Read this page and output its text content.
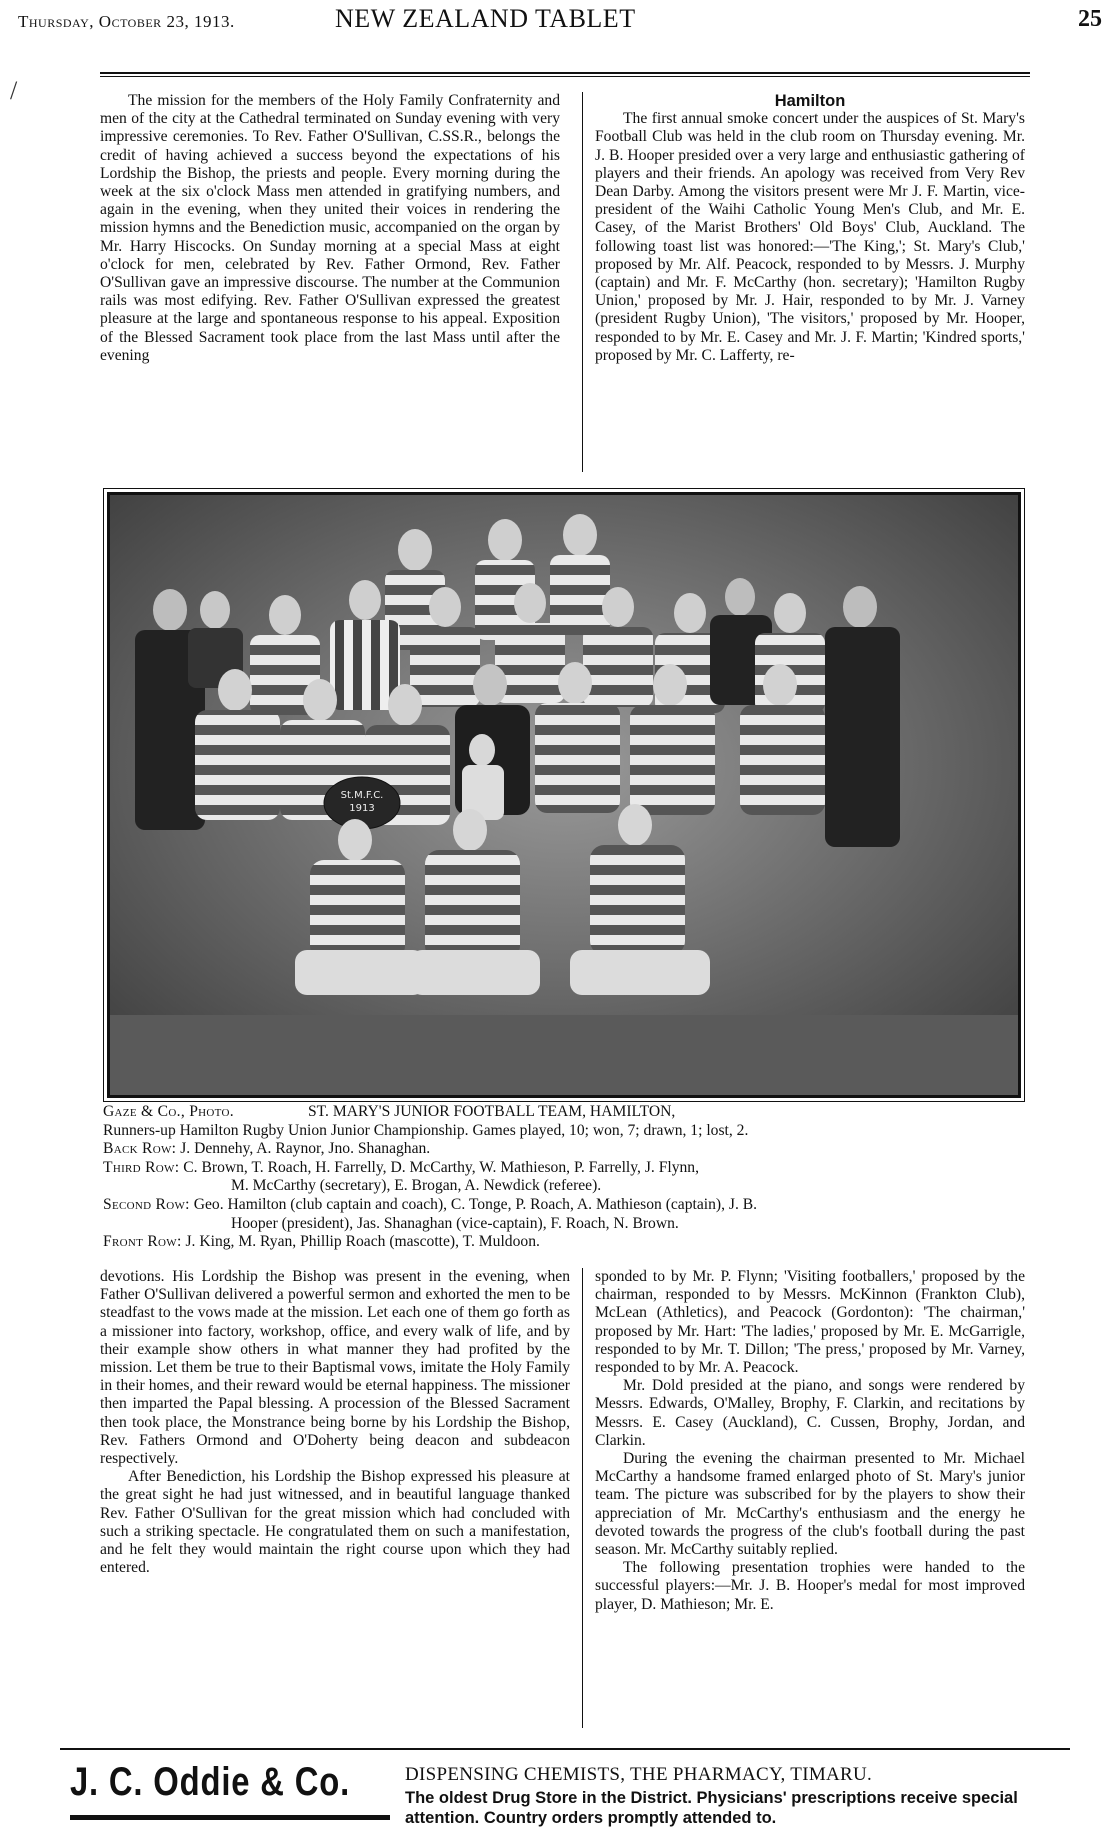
/
Thursday, October 23, 1913.	NEW ZEALAND TABLET	25

The mission for the members of the Holy Family Confraternity and men of the city at the Cathedral terminated on Sunday evening with very impressive ceremonies. To Rev. Father O'Sullivan, C.SS.R., belongs the credit of having achieved a success beyond the expectations of his Lordship the Bishop, the priests and people. Every morning during the week at the six o'clock Mass men attended in gratifying numbers, and again in the evening, when they united their voices in rendering the mission hymns and the Benediction music, accompanied on the organ by Mr. Harry Hiscocks. On Sunday morning at a special Mass at eight o'clock for men, celebrated by Rev. Father Ormond, Rev. Father O'Sullivan gave an impressive discourse. The number at the Communion rails was most edifying. Rev. Father O'Sullivan expressed the greatest pleasure at the large and spontaneous response to his appeal. Exposition of the Blessed Sacrament took place from the last Mass until after the evening

Hamilton

The first annual smoke concert under the auspices of St. Mary's Football Club was held in the club room on Thursday evening. Mr. J. B. Hooper presided over a very large and enthusiastic gathering of players and their friends. An apology was received from Very Rev Dean Darby. Among the visitors present were Mr J. F. Martin, vice-president of the Waihi Catholic Young Men's Club, and Mr. E. Casey, of the Marist Brothers' Old Boys' Club, Auckland. The following toast list was honored:—'The King,'; St. Mary's Club,' proposed by Mr. Alf. Peacock, responded to by Messrs. J. Murphy (captain) and Mr. F. McCarthy (hon. secretary); 'Hamilton Rugby Union,' proposed by Mr. J. Hair, responded to by Mr. J. Varney (president Rugby Union), 'The visitors,' proposed by Mr. Hooper, responded to by Mr. E. Casey and Mr. J. F. Martin; 'Kindred sports,' proposed by Mr. C. Lafferty, re-

St.M.F.C.
1913
Gaze & Co., Photo.	ST. MARY'S JUNIOR FOOTBALL TEAM, HAMILTON,
Runners-up Hamilton Rugby Union Junior Championship. Games played, 10; won, 7; drawn, 1; lost, 2.
Back Row: J. Dennehy, A. Raynor, Jno. Shanaghan.
Third Row: C. Brown, T. Roach, H. Farrelly, D. McCarthy, W. Mathieson, P. Farrelly, J. Flynn,
M. McCarthy (secretary), E. Brogan, A. Newdick (referee).
Second Row: Geo. Hamilton (club captain and coach), C. Tonge, P. Roach, A. Mathieson (captain), J. B.
Hooper (president), Jas. Shanaghan (vice-captain), F. Roach, N. Brown.
Front Row: J. King, M. Ryan, Phillip Roach (mascotte), T. Muldoon.

devotions. His Lordship the Bishop was present in the evening, when Father O'Sullivan delivered a powerful sermon and exhorted the men to be steadfast to the vows made at the mission. Let each one of them go forth as a missioner into factory, workshop, office, and every walk of life, and by their example show others in what manner they had profited by the mission. Let them be true to their Baptismal vows, imitate the Holy Family in their homes, and their reward would be eternal happiness. The missioner then imparted the Papal blessing. A procession of the Blessed Sacrament then took place, the Monstrance being borne by his Lordship the Bishop, Rev. Fathers Ormond and O'Doherty being deacon and subdeacon respectively.

After Benediction, his Lordship the Bishop expressed his pleasure at the great sight he had just witnessed, and in beautiful language thanked Rev. Father O'Sullivan for the great mission which had concluded with such a striking spectacle. He congratulated them on such a manifestation, and he felt they would maintain the right course upon which they had entered.

sponded to by Mr. P. Flynn; 'Visiting footballers,' proposed by the chairman, responded to by Messrs. McKinnon (Frankton Club), McLean (Athletics), and Peacock (Gordonton): 'The chairman,' proposed by Mr. Hart: 'The ladies,' proposed by Mr. E. McGarrigle, responded to by Mr. T. Dillon; 'The press,' proposed by Mr. Varney, responded to by Mr. A. Peacock.

Mr. Dold presided at the piano, and songs were rendered by Messrs. Edwards, O'Malley, Brophy, F. Clarkin, and recitations by Messrs. E. Casey (Auckland), C. Cussen, Brophy, Jordan, and Clarkin.

During the evening the chairman presented to Mr. Michael McCarthy a handsome framed enlarged photo of St. Mary's junior team. The picture was subscribed for by the players to show their appreciation of Mr. McCarthy's enthusiasm and the energy he devoted towards the progress of the club's football during the past season. Mr. McCarthy suitably replied.

The following presentation trophies were handed to the successful players:—Mr. J. B. Hooper's medal for most improved player, D. Mathieson; Mr. E.

J. C. Oddie & Co.	DISPENSING CHEMISTS, THE PHARMACY, TIMARU.
The oldest Drug Store in the District. Physicians' prescriptions receive special attention. Country orders promptly attended to.
